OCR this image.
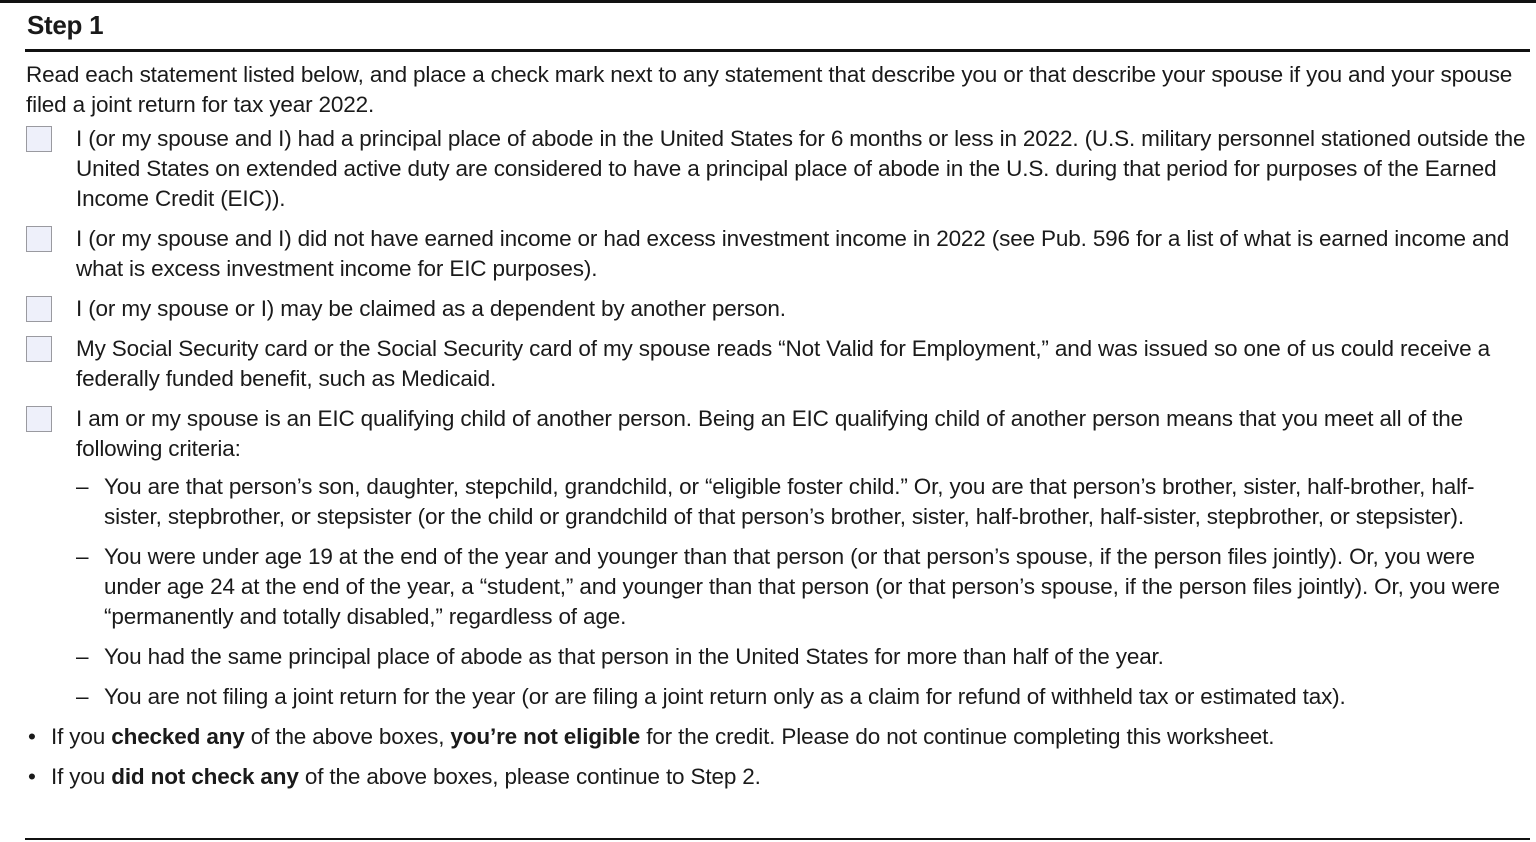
Step 1

Read each statement listed below, and place a check mark next to any statement that describe you or that describe your spouse if you and your spouse filed a joint return for tax year 2022.

I (or my spouse and I) had a principal place of abode in the United States for 6 months or less in 2022. (U.S. military personnel stationed outside the United States on extended active duty are considered to have a principal place of abode in the U.S. during that period for purposes of the Earned Income Credit (EIC)).
I (or my spouse and I) did not have earned income or had excess investment income in 2022 (see Pub. 596 for a list of what is earned income and what is excess investment income for EIC purposes).
I (or my spouse or I) may be claimed as a dependent by another person.
My Social Security card or the Social Security card of my spouse reads “Not Valid for Employment,” and was issued so one of us could receive a federally funded benefit, such as Medicaid.
I am or my spouse is an EIC qualifying child of another person. Being an EIC qualifying child of another person means that you meet all of the following criteria:
– You are that person’s son, daughter, stepchild, grandchild, or “eligible foster child.” Or, you are that person’s brother, sister, half-brother, half-sister, stepbrother, or stepsister (or the child or grandchild of that person’s brother, sister, half-brother, half-sister, stepbrother, or stepsister).
– You were under age 19 at the end of the year and younger than that person (or that person’s spouse, if the person files jointly). Or, you were under age 24 at the end of the year, a “student,” and younger than that person (or that person’s spouse, if the person files jointly). Or, you were “permanently and totally disabled,” regardless of age.
– You had the same principal place of abode as that person in the United States for more than half of the year.
– You are not filing a joint return for the year (or are filing a joint return only as a claim for refund of withheld tax or estimated tax).
• If you checked any of the above boxes, you’re not eligible for the credit. Please do not continue completing this worksheet.
• If you did not check any of the above boxes, please continue to Step 2.
